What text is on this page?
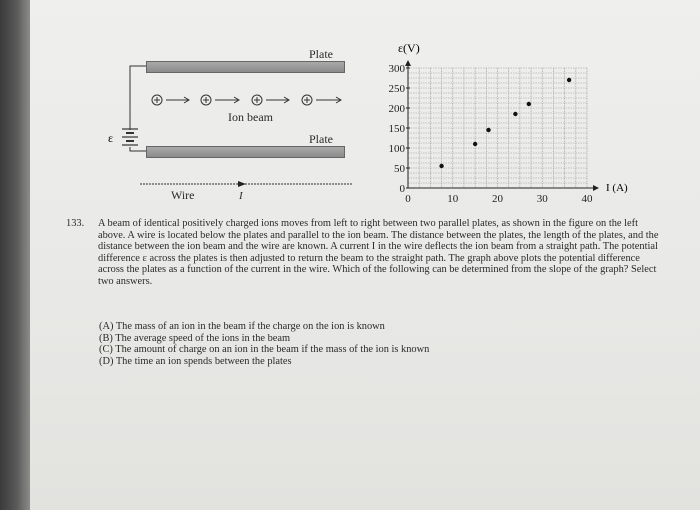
Plate
Plate
Ion beam
ε
Wire	I
ε(V)
0
50
100
150
200
250
300
0	10	20	30	40
I (A)
133. A beam of identical positively charged ions moves from left to right between two parallel plates, as shown in the figure on the left above. A wire is located below the plates and parallel to the ion beam. The distance between the plates, the length of the plates, and the distance between the ion beam and the wire are known. A current I in the wire deflects the ion beam from a straight path. The potential difference ε across the plates is then adjusted to return the beam to the straight path. The graph above plots the potential difference across the plates as a function of the current in the wire. Which of the following can be determined from the slope of the graph? Select two answers.
(A) The mass of an ion in the beam if the charge on the ion is known
(B) The average speed of the ions in the beam
(C) The amount of charge on an ion in the beam if the mass of the ion is known
(D) The time an ion spends between the plates
